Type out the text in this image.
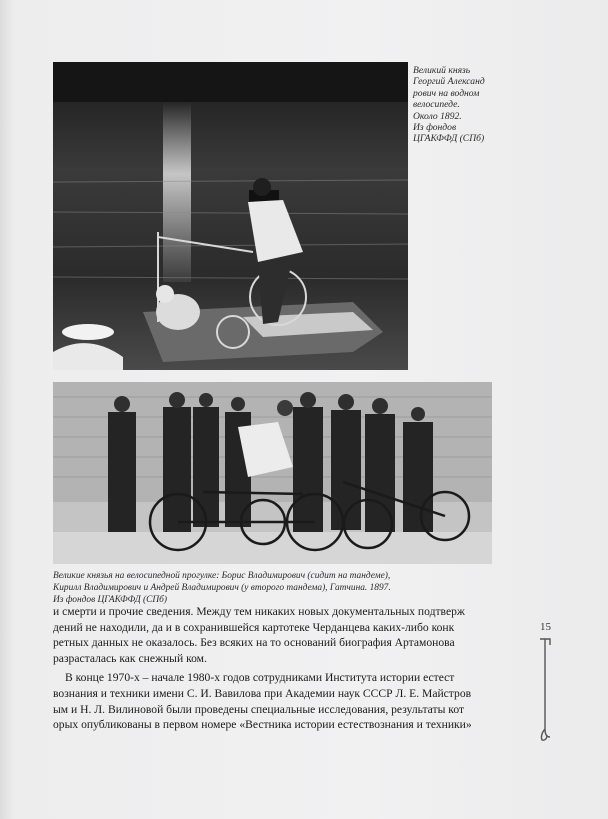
Великий князь
Георгий Александ
рович на водном
велосипеде.
Около 1892.
Из фондов
ЦГАКФФД (СПб)
Великие князья на велосипедной прогулке: Борис Владимирович (сидит на тандеме),
Кирилл Владимирович и Андрей Владимирович (у второго тандема), Гатчина. 1897.
Из фондов ЦГАКФФД (СПб)
и смерти и прочие сведения. Между тем никаких новых документальных подтверж
дений не находили, да и в сохранившейся картотеке Черданцева каких-либо конк
ретных данных не оказалось. Без всяких на то оснований биография Артамонова
разрасталась как снежный ком.
В конце 1970-х – начале 1980-х годов сотрудниками Института истории естест
вознания и техники имени С. И. Вавилова при Академии наук СССР Л. Е. Майстров
ым и Н. Л. Вилиновой были проведены специальные исследования, результаты кот
орых опубликованы в первом номере «Вестника истории естествознания и техники»
15
